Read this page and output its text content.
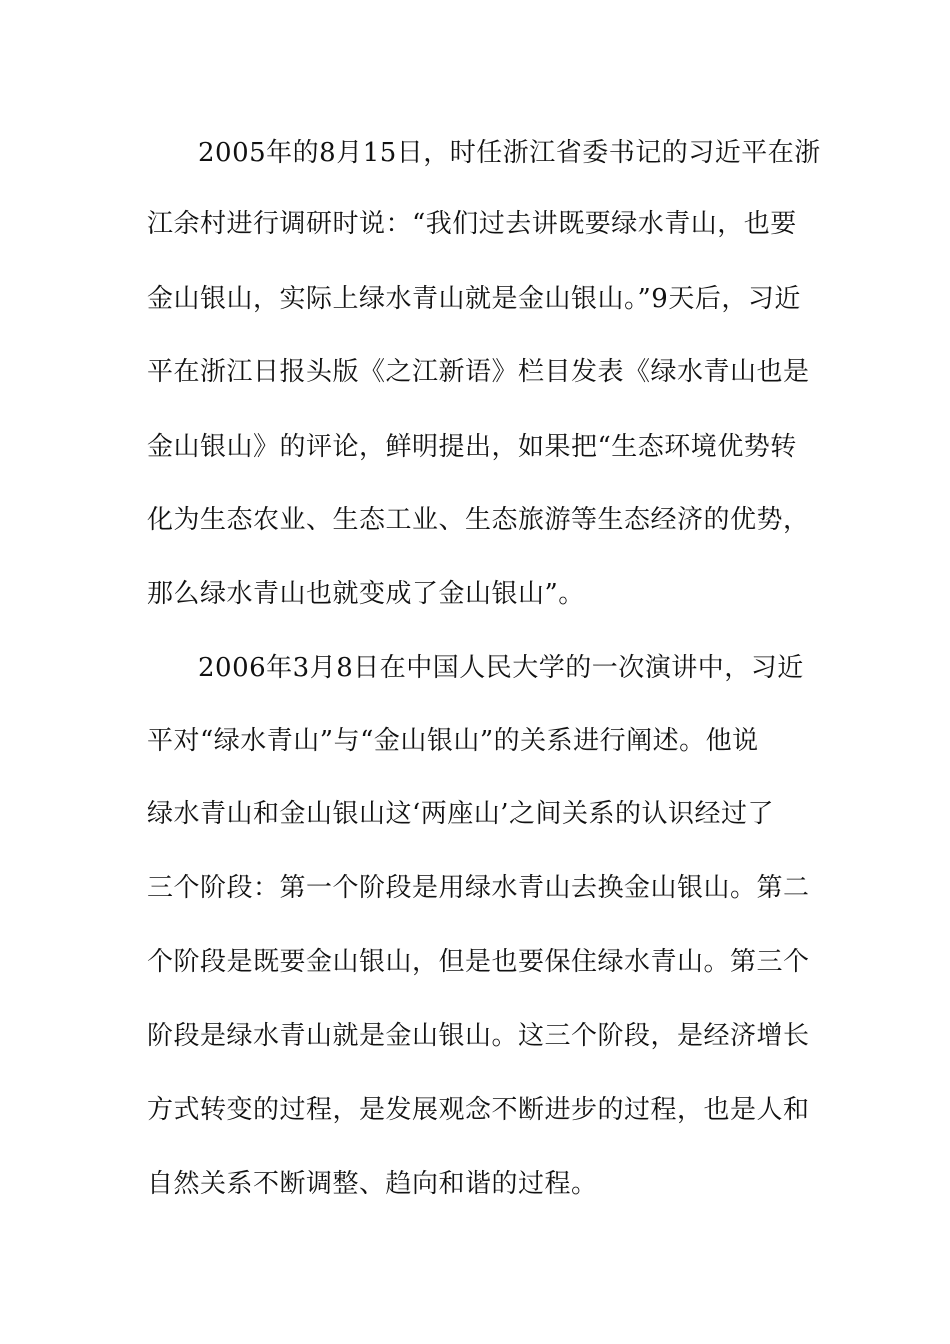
2005年的8月15日，时任浙江省委书记的习近平在浙
江余村进行调研时说：“我们过去讲既要绿水青山，也要
金山银山，实际上绿水青山就是金山银山。”9天后，习近
平在浙江日报头版《之江新语》栏目发表《绿水青山也是
金山银山》的评论，鲜明提出，如果把“生态环境优势转
化为生态农业、生态工业、生态旅游等生态经济的优势，
那么绿水青山也就变成了金山银山”。
2006年3月8日在中国人民大学的一次演讲中，习近
平对“绿水青山”与“金山银山”的关系进行阐述。他说
绿水青山和金山银山这‘两座山’之间关系的认识经过了
三个阶段：第一个阶段是用绿水青山去换金山银山。第二
个阶段是既要金山银山，但是也要保住绿水青山。第三个
阶段是绿水青山就是金山银山。这三个阶段，是经济增长
方式转变的过程，是发展观念不断进步的过程，也是人和
自然关系不断调整、趋向和谐的过程。
